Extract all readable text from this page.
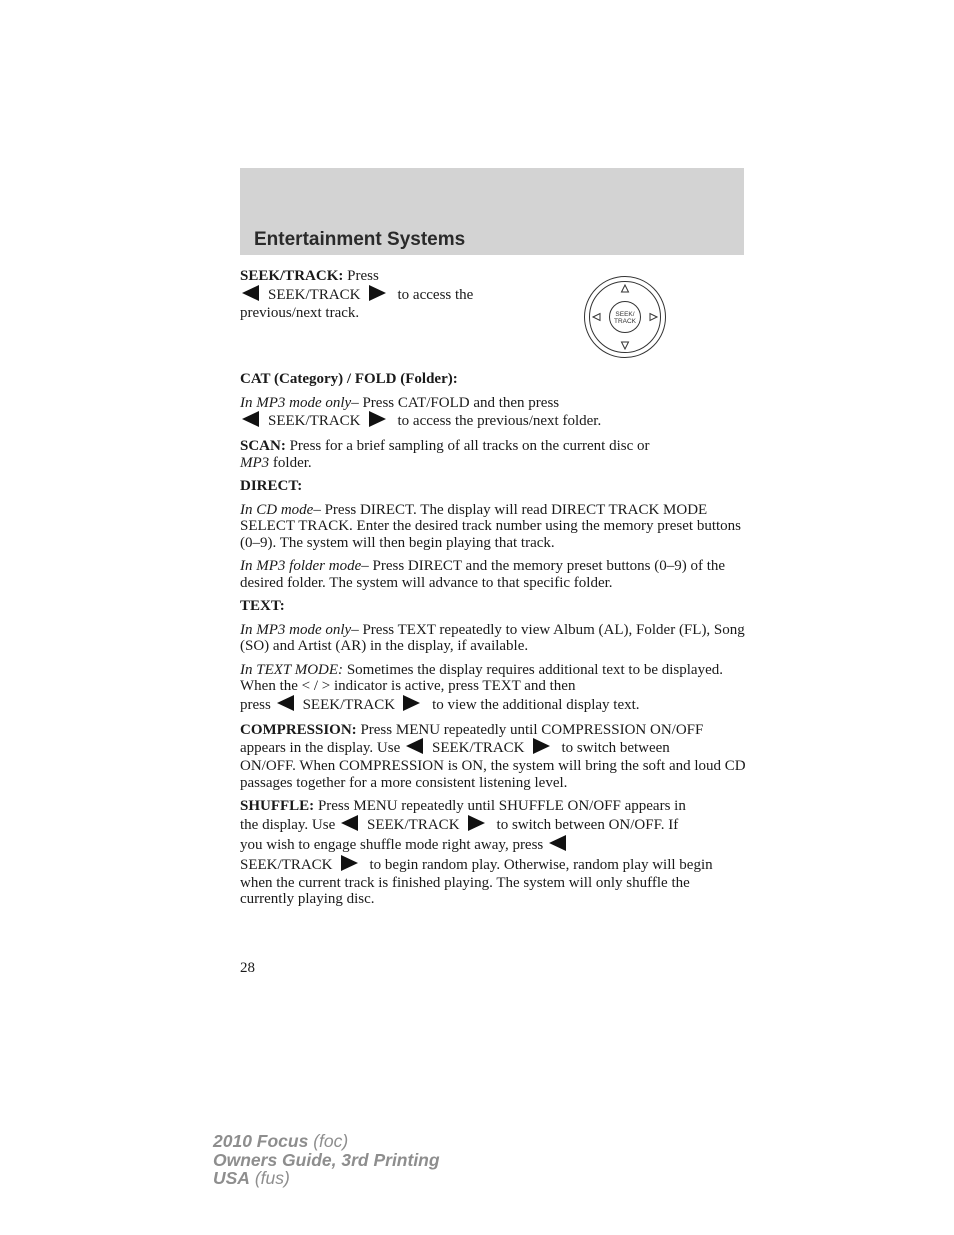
Entertainment Systems
SEEK/
TRACK
SEEK/TRACK: Press
SEEK/TRACK to access the
previous/next track.

CAT (Category) / FOLD (Folder):

In MP3 mode only– Press CAT/FOLD and then press
SEEK/TRACK to access the previous/next folder.

SCAN: Press for a brief sampling of all tracks on the current disc or
MP3 folder.

DIRECT:

In CD mode– Press DIRECT. The display will read DIRECT TRACK MODE SELECT TRACK. Enter the desired track number using the memory preset buttons (0–9). The system will then begin playing that track.

In MP3 folder mode– Press DIRECT and the memory preset buttons (0–9) of the desired folder. The system will advance to that specific folder.

TEXT:

In MP3 mode only– Press TEXT repeatedly to view Album (AL), Folder (FL), Song (SO) and Artist (AR) in the display, if available.

In TEXT MODE: Sometimes the display requires additional text to be displayed. When the < / > indicator is active, press TEXT and then
press SEEK/TRACK to view the additional display text.

COMPRESSION: Press MENU repeatedly until COMPRESSION ON/OFF
appears in the display. Use SEEK/TRACK to switch between
ON/OFF. When COMPRESSION is ON, the system will bring the soft and loud CD passages together for a more consistent listening level.

SHUFFLE: Press MENU repeatedly until SHUFFLE ON/OFF appears in
the display. Use SEEK/TRACK to switch between ON/OFF. If
you wish to engage shuffle mode right away, press
SEEK/TRACK to begin random play. Otherwise, random play will begin when the current track is finished playing. The system will only shuffle the currently playing disc.

28
2010 Focus (foc)
Owners Guide, 3rd Printing
USA (fus)
